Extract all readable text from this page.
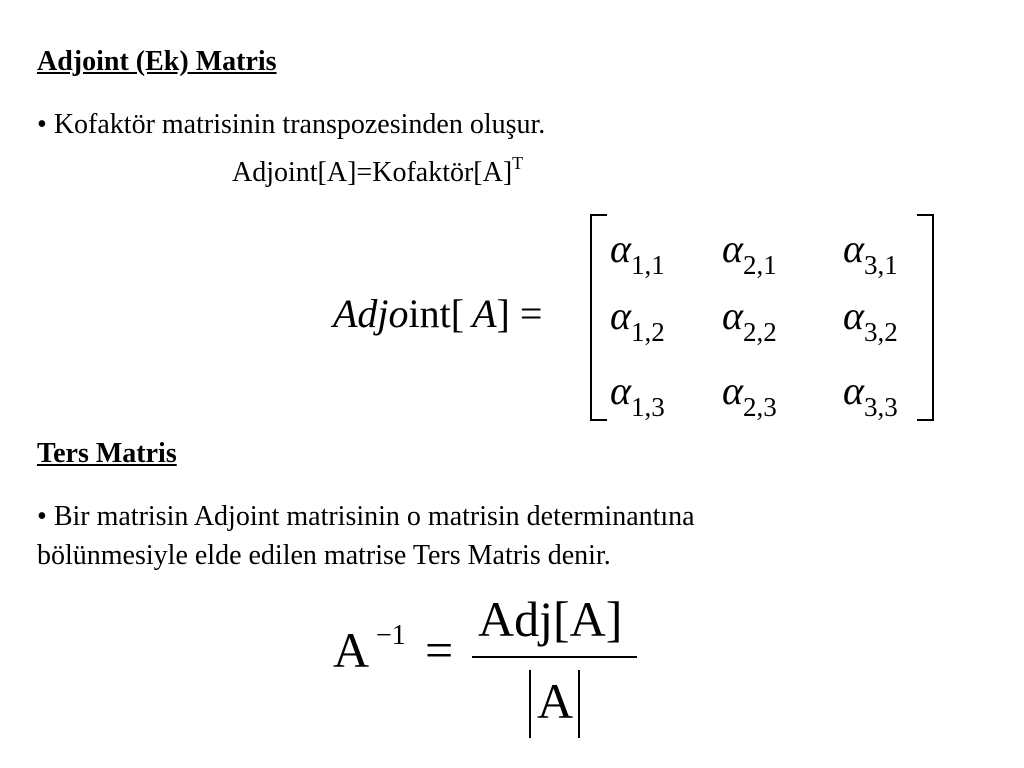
Adjoint (Ek) Matris
• Kofaktör matrisinin transpozesinden oluşur.
$Adjoint[A]=Kofaktör[A]^T$
Adjoint[ A] =
α1,1 α2,1 α3,1
α1,2 α2,2 α3,2
α1,3 α2,3 α3,3
Ters Matris
• Bir matrisin Adjoint matrisinin o matrisin determinantına
bölünmesiyle elde edilen matrise Ters Matris denir.
A −1 =
Adj[A]
A
